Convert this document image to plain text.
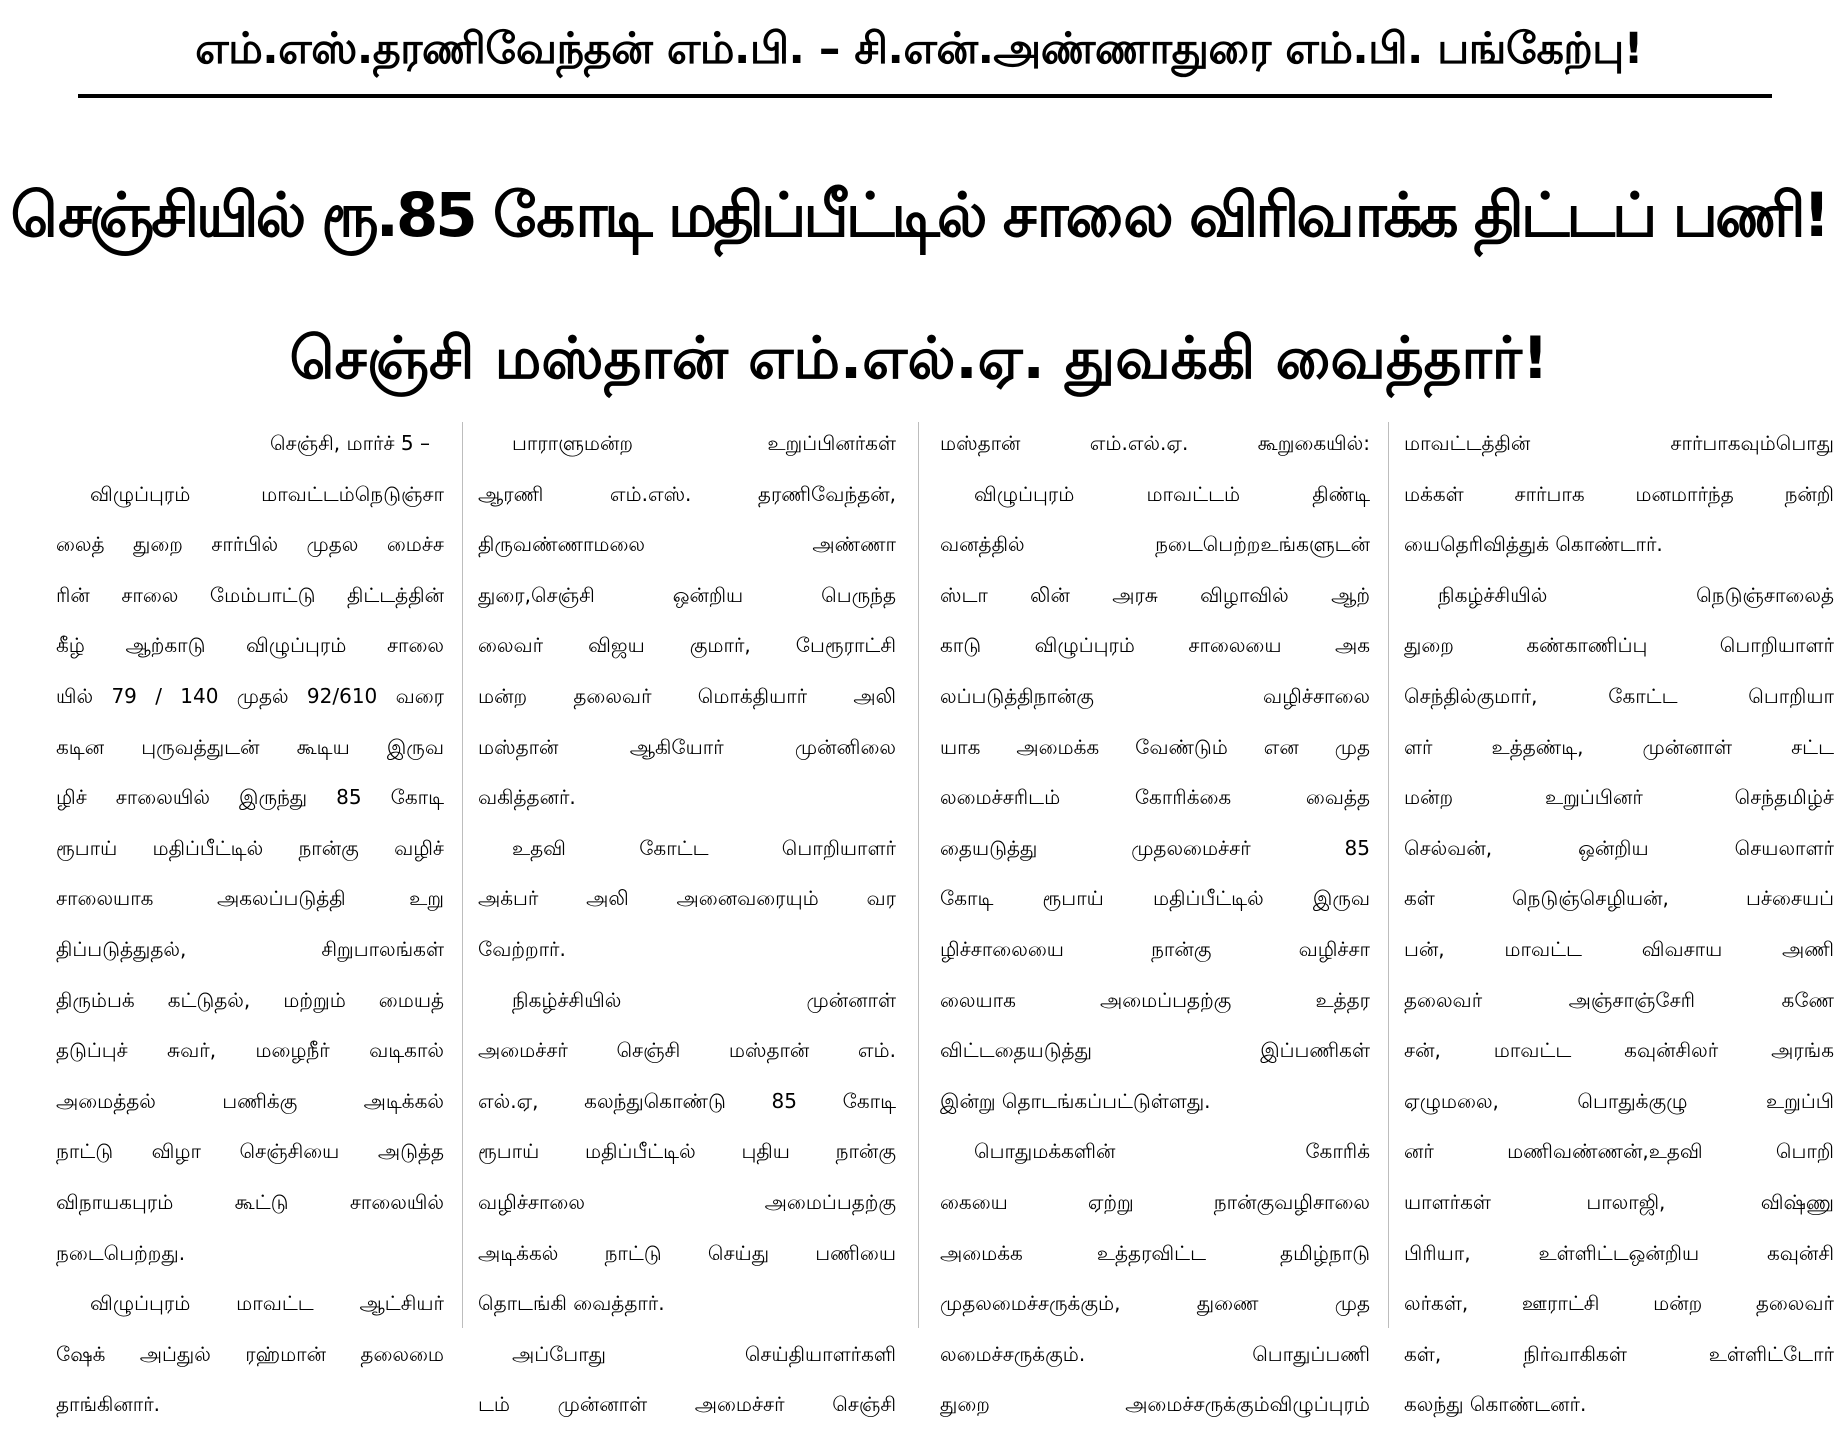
எம்.எஸ்.தரணிவேந்தன் எம்.பி. – சி.என்.அண்ணாதுரை எம்.பி. பங்கேற்பு!
செஞ்சியில் ரூ.85 கோடி மதிப்பீட்டில் சாலை விரிவாக்க திட்டப் பணி!
செஞ்சி மஸ்தான் எம்.எல்.ஏ. துவக்கி வைத்தார்!
செஞ்சி, மார்ச் 5 –
விழுப்புரம் மாவட்டம்நெடுஞ்சா
லைத் துறை சார்பில் முதல மைச்ச
ரின் சாலை மேம்பாட்டு திட்டத்தின்
கீழ் ஆற்காடு விழுப்புரம் சாலை
யில் 79 / 140 முதல் 92/610 வரை
கடின புருவத்துடன் கூடிய இருவ
ழிச் சாலையில் இருந்து 85 கோடி
ரூபாய் மதிப்பீட்டில் நான்கு வழிச்
சாலையாக அகலப்படுத்தி உறு
திப்படுத்துதல், சிறுபாலங்கள்
திரும்பக் கட்டுதல், மற்றும் மையத்
தடுப்புச் சுவர், மழைநீர் வடிகால்
அமைத்தல் பணிக்கு அடிக்கல்
நாட்டு விழா செஞ்சியை அடுத்த
விநாயகபுரம் கூட்டு சாலையில்
நடைபெற்றது.
விழுப்புரம் மாவட்ட ஆட்சியர்
ஷேக் அப்துல் ரஹ்மான் தலைமை
தாங்கினார்.
பாராளுமன்ற உறுப்பினர்கள்
ஆரணி எம்.எஸ். தரணிவேந்தன்,
திருவண்ணாமலை அண்ணா
துரை,செஞ்சி ஒன்றிய பெருந்த
லைவர் விஜய குமார், பேரூராட்சி
மன்ற தலைவர் மொக்தியார் அலி
மஸ்தான் ஆகியோர் முன்னிலை
வகித்தனர்.
உதவி கோட்ட பொறியாளர்
அக்பர் அலி அனைவரையும் வர
வேற்றார்.
நிகழ்ச்சியில் முன்னாள்
அமைச்சர் செஞ்சி மஸ்தான் எம்.
எல்.ஏ, கலந்துகொண்டு 85 கோடி
ரூபாய் மதிப்பீட்டில் புதிய நான்கு
வழிச்சாலை அமைப்பதற்கு
அடிக்கல் நாட்டு செய்து பணியை
தொடங்கி வைத்தார்.
அப்போது செய்தியாளர்களி
டம் முன்னாள் அமைச்சர் செஞ்சி
மஸ்தான் எம்.எல்.ஏ. கூறுகையில்:
விழுப்புரம் மாவட்டம் திண்டி
வனத்தில் நடைபெற்றஉங்களுடன்
ஸ்டா லின் அரசு விழாவில் ஆற்
காடு விழுப்புரம் சாலையை அக
லப்படுத்திநான்கு வழிச்சாலை
யாக அமைக்க வேண்டும் என முத
லமைச்சரிடம் கோரிக்கை வைத்த
தையடுத்து முதலமைச்சர் 85
கோடி ரூபாய் மதிப்பீட்டில் இருவ
ழிச்சாலையை நான்கு வழிச்சா
லையாக அமைப்பதற்கு உத்தர
விட்டதையடுத்து இப்பணிகள்
இன்று தொடங்கப்பட்டுள்ளது.
பொதுமக்களின் கோரிக்
கையை ஏற்று நான்குவழிசாலை
அமைக்க உத்தரவிட்ட தமிழ்நாடு
முதலமைச்சருக்கும், துணை முத
லமைச்சருக்கும். பொதுப்பணி
துறை அமைச்சருக்கும்விழுப்புரம்
மாவட்டத்தின் சார்பாகவும்பொது
மக்கள் சார்பாக மனமார்ந்த நன்றி
யைதெரிவித்துக் கொண்டார்.
நிகழ்ச்சியில் நெடுஞ்சாலைத்
துறை கண்காணிப்பு பொறியாளர்
செந்தில்குமார், கோட்ட பொறியா
ளர் உத்தண்டி, முன்னாள் சட்ட
மன்ற உறுப்பினர் செந்தமிழ்ச்
செல்வன், ஒன்றிய செயலாளர்
கள் நெடுஞ்செழியன், பச்சையப்
பன், மாவட்ட விவசாய அணி
தலைவர் அஞ்சாஞ்சேரி கணே
சன், மாவட்ட கவுன்சிலர் அரங்க
ஏழுமலை, பொதுக்குழு உறுப்பி
னர் மணிவண்ணன்,உதவி பொறி
யாளர்கள் பாலாஜி, விஷ்ணு
பிரியா, உள்ளிட்டஒன்றிய கவுன்சி
லர்கள், ஊராட்சி மன்ற தலைவர்
கள், நிர்வாகிகள் உள்ளிட்டோர்
கலந்து கொண்டனர்.
